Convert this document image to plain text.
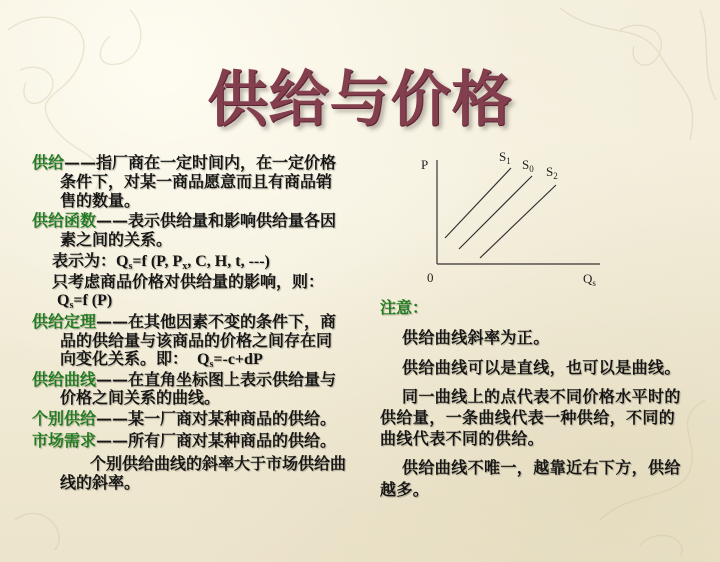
供给与价格
供给——指厂商在一定时间内，在一定价格
条件下，对某一商品愿意而且有商品销
售的数量。
供给函数——表示供给量和影响供给量各因
素之间的关系。
表示为：$Q_s=f$ (P, $P_x$, C, H, t, ---)
只考虑商品价格对供给量的影响，则：
$Q_s=f$ (P)
供给定理——在其他因素不变的条件下，商
品的供给量与该商品的价格之间存在同
向变化关系。即： $Q_s=-c+dP$
供给曲线——在直角坐标图上表示供给量与
价格之间关系的曲线。
个别供给——某一厂商对某种商品的供给。
市场需求——所有厂商对某种商品的供给。
个别供给曲线的斜率大于市场供给曲
线的斜率。
P
$S_1$ $S_0$ $S_2$
0	$Q_s$
注意：
供给曲线斜率为正。
供给曲线可以是直线，也可以是曲线。
同一曲线上的点代表不同价格水平时的
供给量，一条曲线代表一种供给，不同的
曲线代表不同的供给。
供给曲线不唯一，越靠近右下方，供给
越多。
